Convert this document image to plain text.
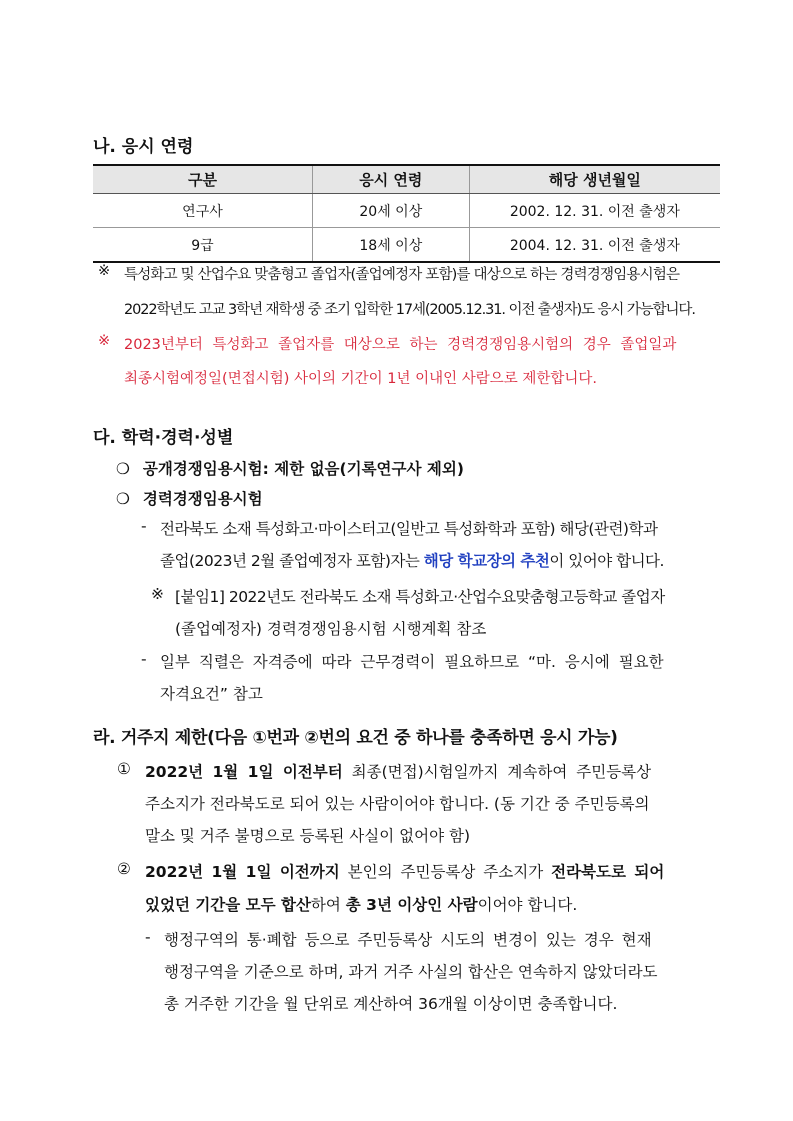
나. 응시 연령
구분	응시 연령	해당 생년월일
연구사	20세 이상	2002. 12. 31. 이전 출생자
9급	18세 이상	2004. 12. 31. 이전 출생자
※ 특성화고 및 산업수요 맞춤형고 졸업자(졸업예정자 포함)를 대상으로 하는 경력경쟁임용시험은
2022학년도 고교 3학년 재학생 중 조기 입학한 17세(2005.12.31. 이전 출생자)도 응시 가능합니다.
※ 2023년부터 특성화고 졸업자를 대상으로 하는 경력경쟁임용시험의 경우 졸업일과
최종시험예정일(면접시험) 사이의 기간이 1년 이내인 사람으로 제한합니다.
다. 학력·경력·성별
❍ 공개경쟁임용시험: 제한 없음(기록연구사 제외)
❍ 경력경쟁임용시험
- 전라북도 소재 특성화고·마이스터고(일반고 특성화학과 포함) 해당(관련)학과
졸업(2023년 2월 졸업예정자 포함)자는 해당 학교장의 추천이 있어야 합니다.
※ [붙임1] 2022년도 전라북도 소재 특성화고·산업수요맞춤형고등학교 졸업자
(졸업예정자) 경력경쟁임용시험 시행계획 참조
- 일부 직렬은 자격증에 따라 근무경력이 필요하므로 “마. 응시에 필요한
자격요건” 참고
라. 거주지 제한(다음 ①번과 ②번의 요건 중 하나를 충족하면 응시 가능)
① 2022년 1월 1일 이전부터 최종(면접)시험일까지 계속하여 주민등록상
주소지가 전라북도로 되어 있는 사람이어야 합니다. (동 기간 중 주민등록의
말소 및 거주 불명으로 등록된 사실이 없어야 함)
② 2022년 1월 1일 이전까지 본인의 주민등록상 주소지가 전라북도로 되어
있었던 기간을 모두 합산하여 총 3년 이상인 사람이어야 합니다.
- 행정구역의 통·폐합 등으로 주민등록상 시도의 변경이 있는 경우 현재
행정구역을 기준으로 하며, 과거 거주 사실의 합산은 연속하지 않았더라도
총 거주한 기간을 월 단위로 계산하여 36개월 이상이면 충족합니다.
